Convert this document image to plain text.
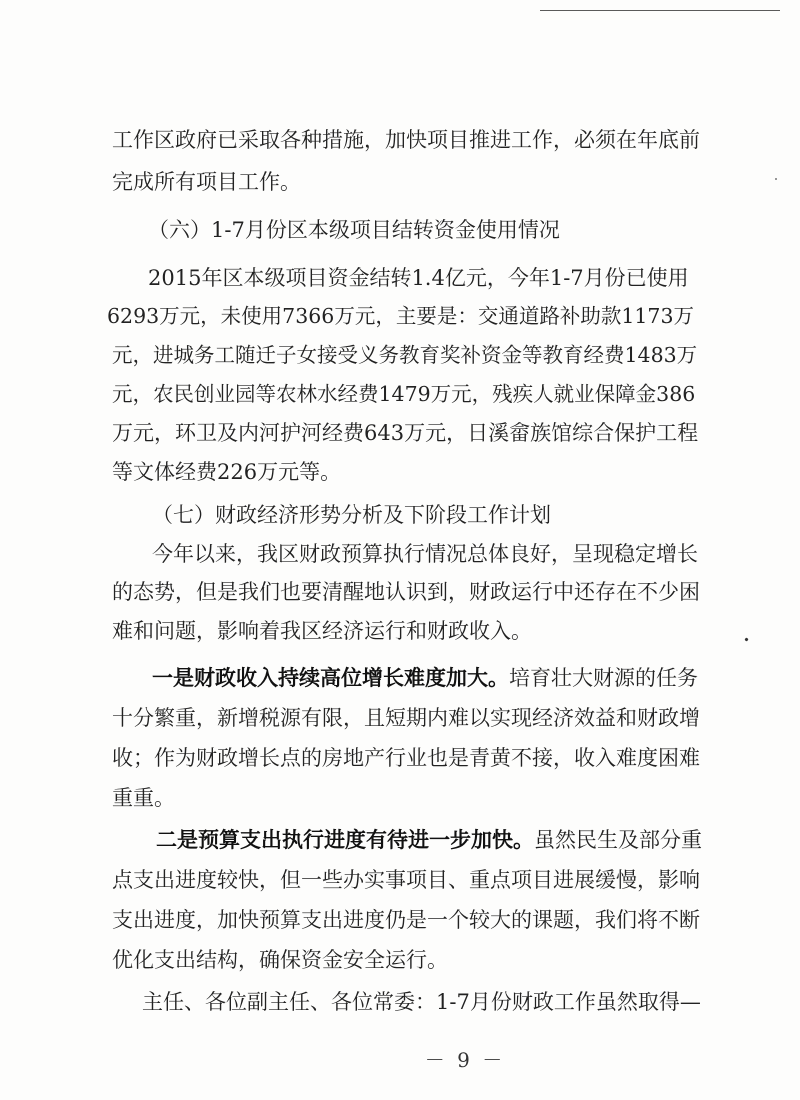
工作区政府已采取各种措施，加快项目推进工作，必须在年底前
完成所有项目工作。
（六）1-7月份区本级项目结转资金使用情况
2015年区本级项目资金结转1.4亿元，今年1-7月份已使用
6293万元，未使用7366万元，主要是：交通道路补助款1173万
元，进城务工随迁子女接受义务教育奖补资金等教育经费1483万
元，农民创业园等农林水经费1479万元，残疾人就业保障金386
万元，环卫及内河护河经费643万元，日溪畲族馆综合保护工程
等文体经费226万元等。
（七）财政经济形势分析及下阶段工作计划
今年以来，我区财政预算执行情况总体良好，呈现稳定增长
的态势，但是我们也要清醒地认识到，财政运行中还存在不少困
难和问题，影响着我区经济运行和财政收入。
一是财政收入持续高位增长难度加大。培育壮大财源的任务
十分繁重，新增税源有限，且短期内难以实现经济效益和财政增
收；作为财政增长点的房地产行业也是青黄不接，收入难度困难
重重。
二是预算支出执行进度有待进一步加快。虽然民生及部分重
点支出进度较快，但一些办实事项目、重点项目进展缓慢，影响
支出进度，加快预算支出进度仍是一个较大的课题，我们将不断
优化支出结构，确保资金安全运行。
主任、各位副主任、各位常委：1-7月份财政工作虽然取得—
－ 9 －
